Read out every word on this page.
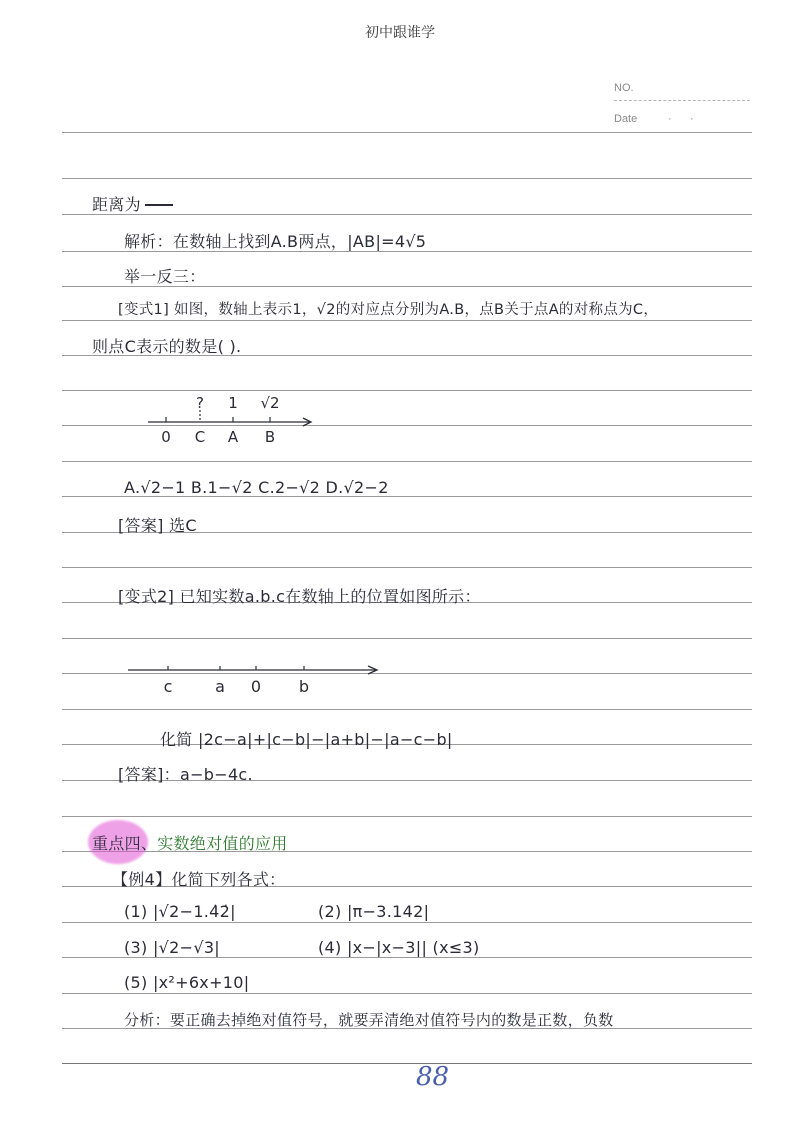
初中跟谁学
NO.
Date	·      ·
距离为
解析：在数轴上找到A.B两点，|AB|=4√5
举一反三：
[变式1] 如图，数轴上表示1，√2的对应点分别为A.B，点B关于点A的对称点为C，
则点C表示的数是( ).
? 1 √2
0 C A B
A.√2−1 B.1−√2 C.2−√2 D.√2−2
[答案] 选C
[变式2] 已知实数a.b.c在数轴上的位置如图所示：
c	a 0 b
化简 |2c−a|+|c−b|−|a+b|−|a−c−b|
[答案]：a−b−4c.
重点四、实数绝对值的应用
【例4】化简下列各式：
(1) |√2−1.4̇2̇|	(2) |π−3.142|
(3) |√2−√3|	(4) |x−|x−3|| (x≤3)
(5) |x²+6x+10|
分析：要正确去掉绝对值符号，就要弄清绝对值符号内的数是正数，负数
88
